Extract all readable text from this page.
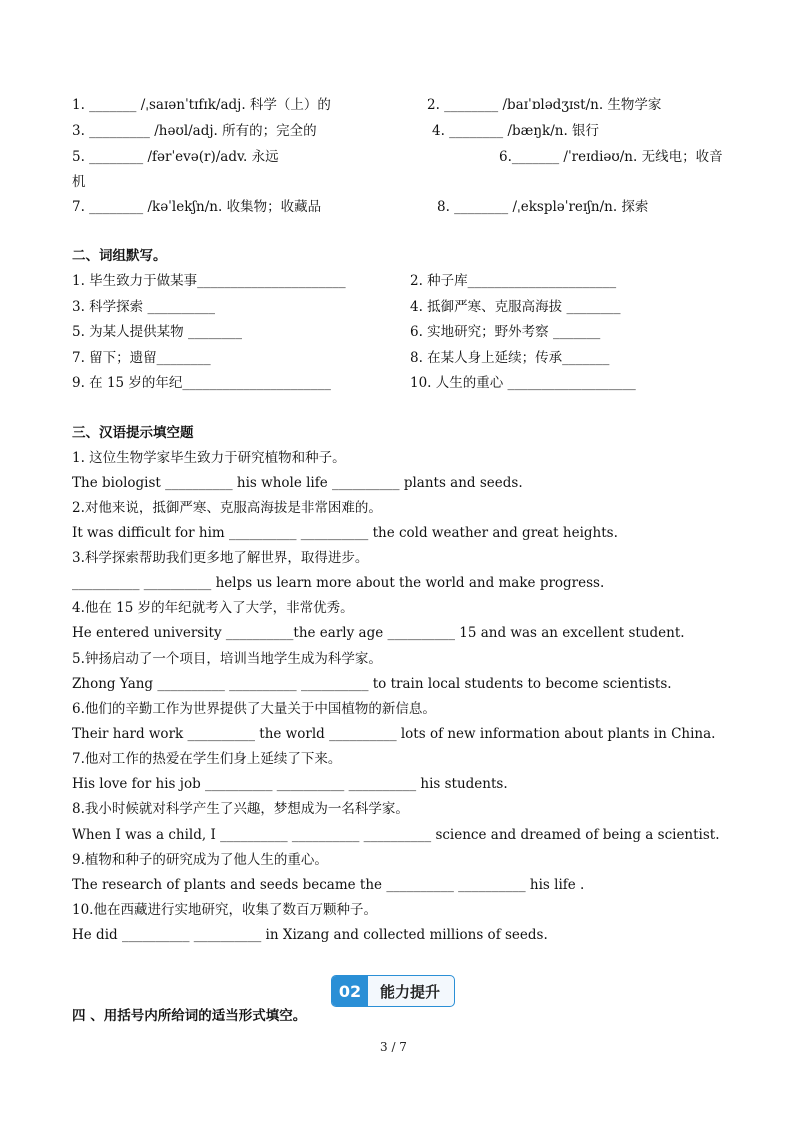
1. _______ /ˌsaɪənˈtɪfɪk/adj. 科学（上）的	2. ________ /baɪˈɒlədʒɪst/n. 生物学家
3. _________ /həʊl/adj. 所有的；完全的	4. ________ /bæŋk/n. 银行
5. ________ /fərˈevə(r)/adv. 永远	6._______ /ˈreɪdiəʊ/n. 无线电；收音
机
7. ________ /kəˈlekʃn/n. 收集物；收藏品	8. ________ /ˌekspləˈreɪʃn/n. 探索
二、词组默写。
1. 毕生致力于做某事______________________	2. 种子库______________________
3. 科学探索 __________	4. 抵御严寒、克服高海拔 ________
5. 为某人提供某物 ________	6. 实地研究；野外考察 _______
7. 留下；遗留________	8. 在某人身上延续；传承_______
9. 在 15 岁的年纪______________________	10. 人生的重心 ___________________
三、汉语提示填空题
1. 这位生物学家毕生致力于研究植物和种子。
The biologist __________ his whole life __________ plants and seeds.
2.对他来说，抵御严寒、克服高海拔是非常困难的。
It was difficult for him __________ __________ the cold weather and great heights.
3.科学探索帮助我们更多地了解世界，取得进步。
__________ __________ helps us learn more about the world and make progress.
4.他在 15 岁的年纪就考入了大学，非常优秀。
He entered university __________the early age __________ 15 and was an excellent student.
5.钟扬启动了一个项目，培训当地学生成为科学家。
Zhong Yang __________ __________ __________ to train local students to become scientists.
6.他们的辛勤工作为世界提供了大量关于中国植物的新信息。
Their hard work __________ the world __________ lots of new information about plants in China.
7.他对工作的热爱在学生们身上延续了下来。
His love for his job __________ __________ __________ his students.
8.我小时候就对科学产生了兴趣，梦想成为一名科学家。
When I was a child, I __________ __________ __________ science and dreamed of being a scientist.
9.植物和种子的研究成为了他人生的重心。
The research of plants and seeds became the __________ __________ his life .
10.他在西藏进行实地研究，收集了数百万颗种子。
He did __________ __________ in Xizang and collected millions of seeds.
02	能力提升
四 、用括号内所给词的适当形式填空。
3 / 7
